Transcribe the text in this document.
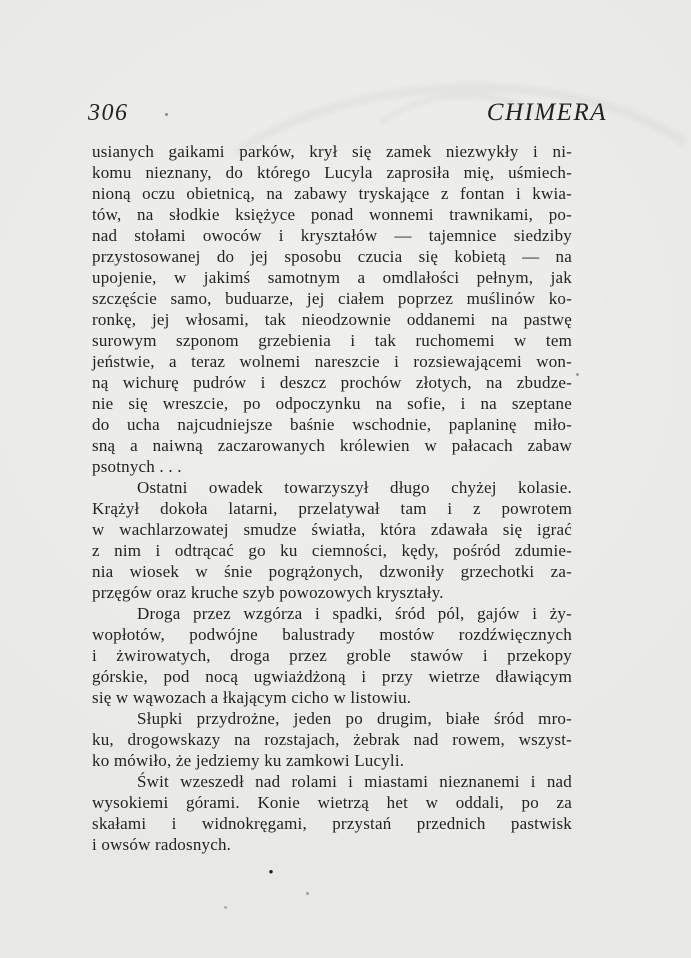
306	CHIMERA
usianych gaikami parków, krył się zamek niezwykły i ni-
komu nieznany, do którego Lucyla zaprosiła mię, uśmiech-
nioną oczu obietnicą, na zabawy tryskające z fontan i kwia-
tów, na słodkie księżyce ponad wonnemi trawnikami, po-
nad stołami owoców i kryształów — tajemnice siedziby
przystosowanej do jej sposobu czucia się kobietą — na
upojenie, w jakimś samotnym a omdlałości pełnym, jak
szczęście samo, buduarze, jej ciałem poprzez muślinów ko-
ronkę, jej włosami, tak nieodzownie oddanemi na pastwę
surowym szponom grzebienia i tak ruchomemi w tem
jeństwie, a teraz wolnemi nareszcie i rozsiewającemi won-
ną wichurę pudrów i deszcz prochów złotych, na zbudze-
nie się wreszcie, po odpoczynku na sofie, i na szeptane
do ucha najcudniejsze baśnie wschodnie, paplaninę miło-
sną a naiwną zaczarowanych królewien w pałacach zabaw
psotnych . . .
Ostatni owadek towarzyszył długo chyżej kolasie.
Krążył dokoła latarni, przelatywał tam i z powrotem
w wachlarzowatej smudze światła, która zdawała się igrać
z nim i odtrącać go ku ciemności, kędy, pośród zdumie-
nia wiosek w śnie pogrążonych, dzwoniły grzechotki za-
przęgów oraz kruche szyb powozowych kryształy.
Droga przez wzgórza i spadki, śród pól, gajów i ży-
wopłotów, podwójne balustrady mostów rozdźwięcznych
i żwirowatych, droga przez groble stawów i przekopy
górskie, pod nocą ugwiażdżoną i przy wietrze dławiącym
się w wąwozach a łkającym cicho w listowiu.
Słupki przydrożne, jeden po drugim, białe śród mro-
ku, drogowskazy na rozstajach, żebrak nad rowem, wszyst-
ko mówiło, że jedziemy ku zamkowi Lucyli.
Świt wzeszedł nad rolami i miastami nieznanemi i nad
wysokiemi górami. Konie wietrzą het w oddali, po za
skałami i widnokręgami, przystań przednich pastwisk
i owsów radosnych.
•
